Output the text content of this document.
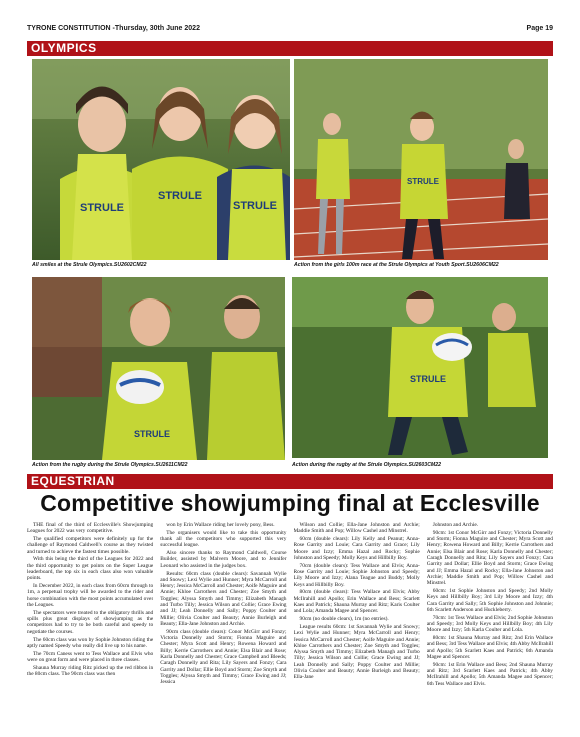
TYRONE CONSTITUTION -Thursday, 30th June 2022	Page 19
OLYMPICS
STRULE
STRULE
STRULE
All smiles at the Strule Olympics.SU2602CM22
STRULE
Action from the girls 100m race at the Strule Olympics at Youth Sport.SU2606CM22
STRULE
Action from the rugby during the Strule Olympics.SU2611CM22
STRULE
Action during the rugby at the Strule Olympics.SU2603CM22
EQUESTRIAN
Competitive showjumping final at Ecclesville

THE final of the third of Ecclesville's Showjumping Leagues for 2022 was very competitive.

The qualified competitors were definitely up for the challenge of Raymond Caldwell's course as they twisted and turned to achieve the fastest times possible.

With this being the third of the Leagues for 2022 and the third opportunity to get points on the Super League leaderboard, the top six in each class also won valuable points.

In December 2022, in each class from 60cm through to 1m, a perpetual trophy will be awarded to the rider and horse combination with the most points accumulated over the Leagues.

The spectators were treated to the obligatory thrills and spills plus great displays of showjumping as the competitors had to try to be both careful and speedy to negotiate the courses.

The 60cm class was won by Sophie Johnston riding the aptly named Speedy who really did live up to his name.

The 70cm Caness went to Tess Wallace and Elvis who were on great form and were placed in three classes.

Shauna Murray riding Ritz picked up the red ribbon in the 80cm class. The 90cm class was then

won by Erin Wallace riding her lovely pony, Bess.

The organisers would like to take this opportunity thank all the competitors who supported this very successful league.

Also sincere thanks to Raymond Caldwell, Course Builder, assisted by Malvern Moore, and to Jennifer Leonard who assisted in the judges box.

Results: 60cm class (double clears): Savannah Wylie and Snowy; Lexi Wylie and Hunner; Myra McCarroll and Henry; Jessica McCarroll and Chester; Aoife Maguire and Annie; Khloe Carrothers and Chester; Zoe Smyth and Toggles; Alyssa Smyth and Timmy; Elizabeth Managh and Turbo Tilly; Jessica Wilson and Collie; Grace Ewing and JJ; Leah Donnelly and Sally; Poppy Coulter and Millie; Olivia Coulter and Beauty; Annie Burleigh and Beauty; Ella-Jane Johnston and Archie.

90cm class (double clears): Conor McGirr and Fonzy; Victoria Donnelly and Storm; Fionna Maguire and Chester; Myra Scott and Henry; Rowena Howard and Billy; Kerrie Carrothers and Annie; Elsa Blair and Rose; Karla Donnelly and Chester; Grace Campbell and Bleeds; Caragh Donnelly and Rita; Lily Sayers and Fonzy; Cara Garrity and Dollar; Ellie Boyd and Storm; Zoe Smyth and Toggles; Alyssa Smyth and Timmy; Grace Ewing and JJ; Jessica

Wilson and Collie; Ella-Jane Johnston and Archie; Maddie Smith and Pop; Willow Cashel and Minstrel.

60cm (double clears): Lily Kelly and Peanut; Anna-Rose Garrity and Louie; Cara Garrity and Grace; Lily Moore and Izzy; Emma Hazal and Rocky; Sophie Johnston and Speedy; Molly Keys and Hillbilly Boy.

70cm (double clears): Tess Wallace and Elvis; Anna-Rose Garrity and Louie; Sophie Johnston and Speedy; Lily Moore and Izzy; Alana Teague and Buddy; Molly Keys and Hillbilly Boy.

80cm (double clears): Tess Wallace and Elvis; Abby McIlrahill and Apollo; Erin Wallace and Bess; Scarlett Kaes and Patrick; Shauna Murray and Ritz; Karis Coulter and Lola; Amanda Magee and Spencer.

90cm (no double clears), 1m (no entries).

League results 60cm: 1st Savannah Wylie and Snowy; Lexi Wylie and Hunner; Myra McCarroll and Henry; Jessica McCarroll and Chester; Aoife Maguire and Annie; Khloe Carrothers and Chester; Zoe Smyth and Toggles; Alyssa Smyth and Timmy; Elizabeth Managh and Turbo Tilly; Jessica Wilson and Collie; Grace Ewing and JJ; Leah Donnelly and Sally; Poppy Coulter and Millie; Olivia Coulter and Beauty; Annie Burleigh and Beauty; Ella-Jane

Johnston and Archie.

90cm: 1st Conor McGirr and Fonzy; Victoria Donnelly and Storm; Fionna Maguire and Chester; Myra Scott and Henry; Rowena Howard and Billy; Kerrie Carrothers and Annie; Elsa Blair and Rose; Karla Donnelly and Chester; Caragh Donnelly and Rita; Lily Sayers and Fonzy; Cara Garrity and Dollar; Ellie Boyd and Storm; Grace Ewing and JJ; Emma Hazal and Rocky; Ella-Jane Johnston and Archie; Maddie Smith and Pop; Willow Cashel and Minstrel.

60cm: 1st Sophie Johnston and Speedy; 2nd Molly Keys and Hillbilly Boy; 3rd Lily Moore and Izzy; 4th Cara Garrity and Sally; 5th Sophie Johnston and Johnnie; 6th Scarlett Anderson and Huckleberry.

70cm: 1st Tess Wallace and Elvis; 2nd Sophie Johnston and Speedy; 3rd Molly Keys and Hillbilly Boy; 4th Lily Moore and Izzy; 5th Karla Coulter and Lola.

80cm: 1st Shauna Murray and Ritz; 2nd Erin Wallace and Bess; 3rd Tess Wallace and Elvis; 4th Abby McIlrahill and Apollo; 5th Scarlett Kaes and Patrick; 6th Amanda Magee and Spencer.

90cm: 1st Erin Wallace and Bess; 2nd Shauna Murray and Ritz; 3rd Scarlett Kaes and Patrick; 4th Abby McIlrahill and Apollo; 5th Amanda Magee and Spencer; 6th Tess Wallace and Elvis.
